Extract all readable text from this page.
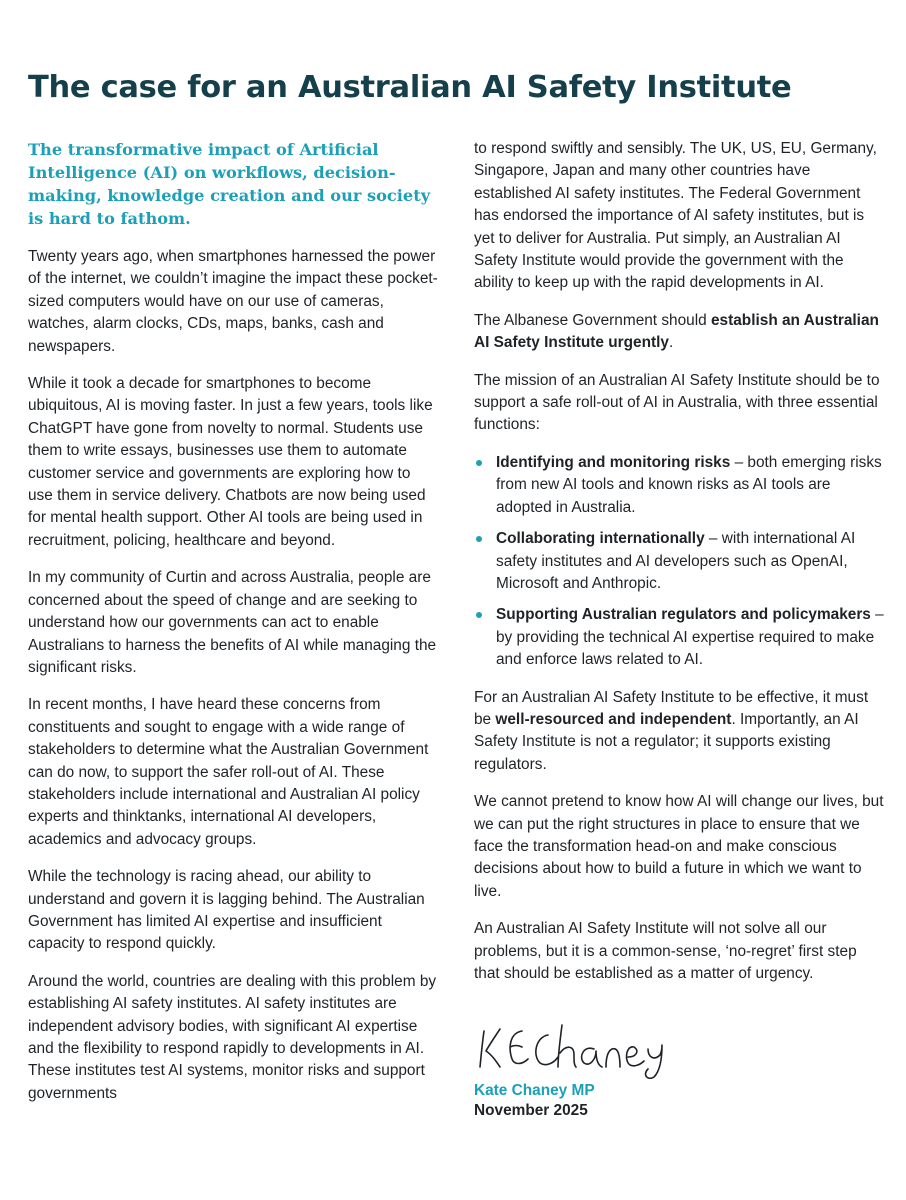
The case for an Australian AI Safety Institute

The transformative impact of Artificial Intelligence (AI) on workflows, decision-making, knowledge creation and our society is hard to fathom.

Twenty years ago, when smartphones harnessed the power of the internet, we couldn’t imagine the impact these pocket-sized computers would have on our use of cameras, watches, alarm clocks, CDs, maps, banks, cash and newspapers.

While it took a decade for smartphones to become ubiquitous, AI is moving faster. In just a few years, tools like ChatGPT have gone from novelty to normal. Students use them to write essays, businesses use them to automate customer service and governments are exploring how to use them in service delivery. Chatbots are now being used for mental health support. Other AI tools are being used in recruitment, policing, healthcare and beyond.

In my community of Curtin and across Australia, people are concerned about the speed of change and are seeking to understand how our governments can act to enable Australians to harness the benefits of AI while managing the significant risks.

In recent months, I have heard these concerns from constituents and sought to engage with a wide range of stakeholders to determine what the Australian Government can do now, to support the safer roll-out of AI. These stakeholders include international and Australian AI policy experts and thinktanks, international AI developers, academics and advocacy groups.

While the technology is racing ahead, our ability to understand and govern it is lagging behind. The Australian Government has limited AI expertise and insufficient capacity to respond quickly.

Around the world, countries are dealing with this problem by establishing AI safety institutes. AI safety institutes are independent advisory bodies, with significant AI expertise and the flexibility to respond rapidly to developments in AI. These institutes test AI systems, monitor risks and support governments

to respond swiftly and sensibly. The UK, US, EU, Germany, Singapore, Japan and many other countries have established AI safety institutes. The Federal Government has endorsed the importance of AI safety institutes, but is yet to deliver for Australia. Put simply, an Australian AI Safety Institute would provide the government with the ability to keep up with the rapid developments in AI.

The Albanese Government should establish an Australian AI Safety Institute urgently.

The mission of an Australian AI Safety Institute should be to support a safe roll-out of AI in Australia, with three essential functions:

Identifying and monitoring risks – both emerging risks from new AI tools and known risks as AI tools are adopted in Australia.
Collaborating internationally – with international AI safety institutes and AI developers such as OpenAI, Microsoft and Anthropic.
Supporting Australian regulators and policymakers – by providing the technical AI expertise required to make and enforce laws related to AI.

For an Australian AI Safety Institute to be effective, it must be well-resourced and independent. Importantly, an AI Safety Institute is not a regulator; it supports existing regulators.

We cannot pretend to know how AI will change our lives, but we can put the right structures in place to ensure that we face the transformation head-on and make conscious decisions about how to build a future in which we want to live.

An Australian AI Safety Institute will not solve all our problems, but it is a common-sense, ‘no-regret’ first step that should be established as a matter of urgency.

Kate Chaney MP
November 2025
